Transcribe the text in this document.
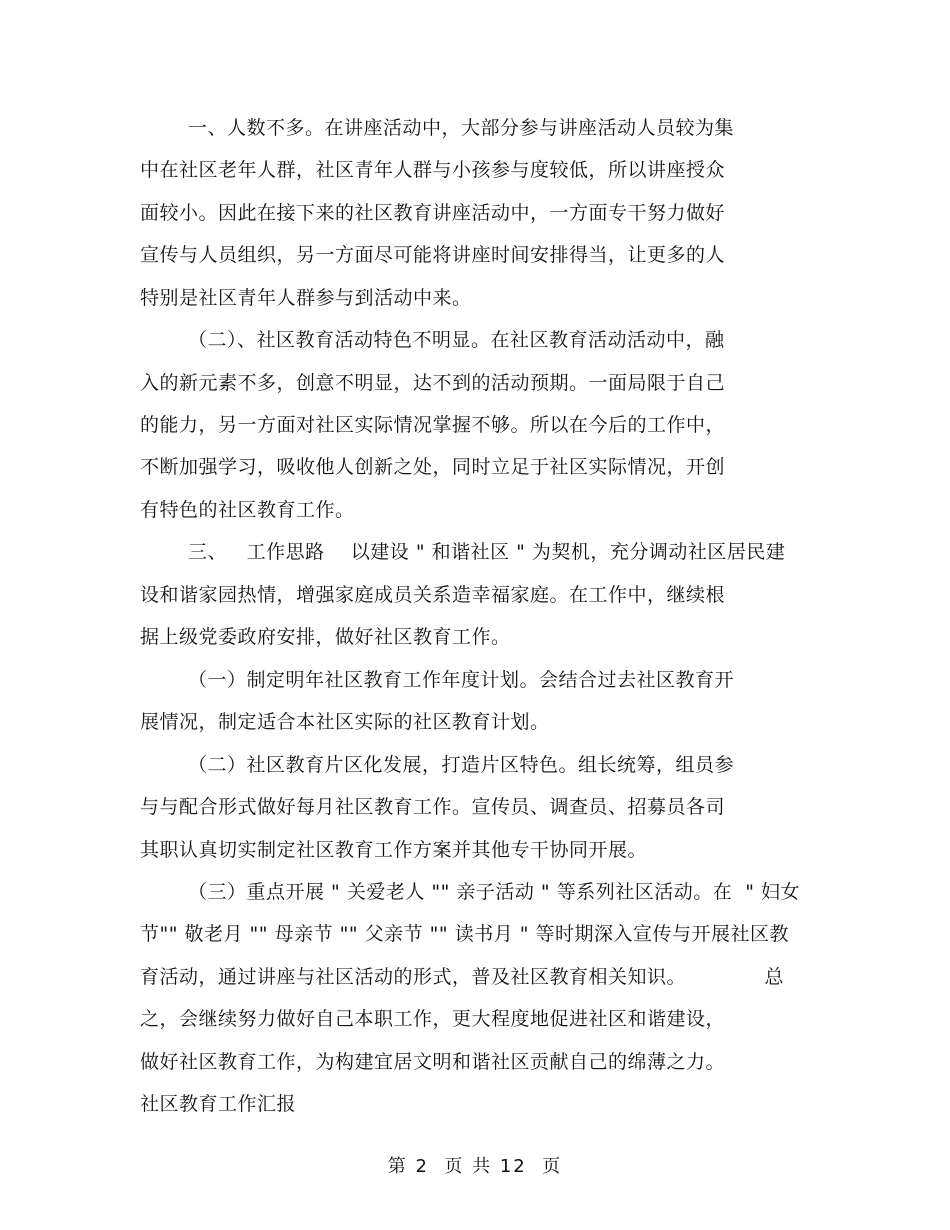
一、人数不多。在讲座活动中，大部分参与讲座活动人员较为集
中在社区老年人群，社区青年人群与小孩参与度较低，所以讲座授众
面较小。因此在接下来的社区教育讲座活动中，一方面专干努力做好
宣传与人员组织，另一方面尽可能将讲座时间安排得当，让更多的人
特别是社区青年人群参与到活动中来。
（二）、社区教育活动特色不明显。在社区教育活动活动中，融
入的新元素不多，创意不明显，达不到的活动预期。一面局限于自己
的能力，另一方面对社区实际情况掌握不够。所以在今后的工作中，
不断加强学习，吸收他人创新之处，同时立足于社区实际情况，开创
有特色的社区教育工作。
三、   工作思路    以建设 " 和谐社区 " 为契机，充分调动社区居民建
设和谐家园热情，增强家庭成员关系造幸福家庭。在工作中，继续根
据上级党委政府安排，做好社区教育工作。
（一）制定明年社区教育工作年度计划。会结合过去社区教育开
展情况，制定适合本社区实际的社区教育计划。
（二）社区教育片区化发展，打造片区特色。组长统筹，组员参
与与配合形式做好每月社区教育工作。宣传员、调查员、招募员各司
其职认真切实制定社区教育工作方案并其他专干协同开展。
（三）重点开展 " 关爱老人 "" 亲子活动 " 等系列社区活动。在  " 妇女
节"" 敬老月 "" 母亲节 "" 父亲节 "" 读书月 " 等时期深入宣传与开展社区教
育活动，通过讲座与社区活动的形式，普及社区教育相关知识。            总
之，会继续努力做好自己本职工作，更大程度地促进社区和谐建设，
做好社区教育工作，为构建宜居文明和谐社区贡献自己的绵薄之力。
社区教育工作汇报
第 2  页 共 12  页
